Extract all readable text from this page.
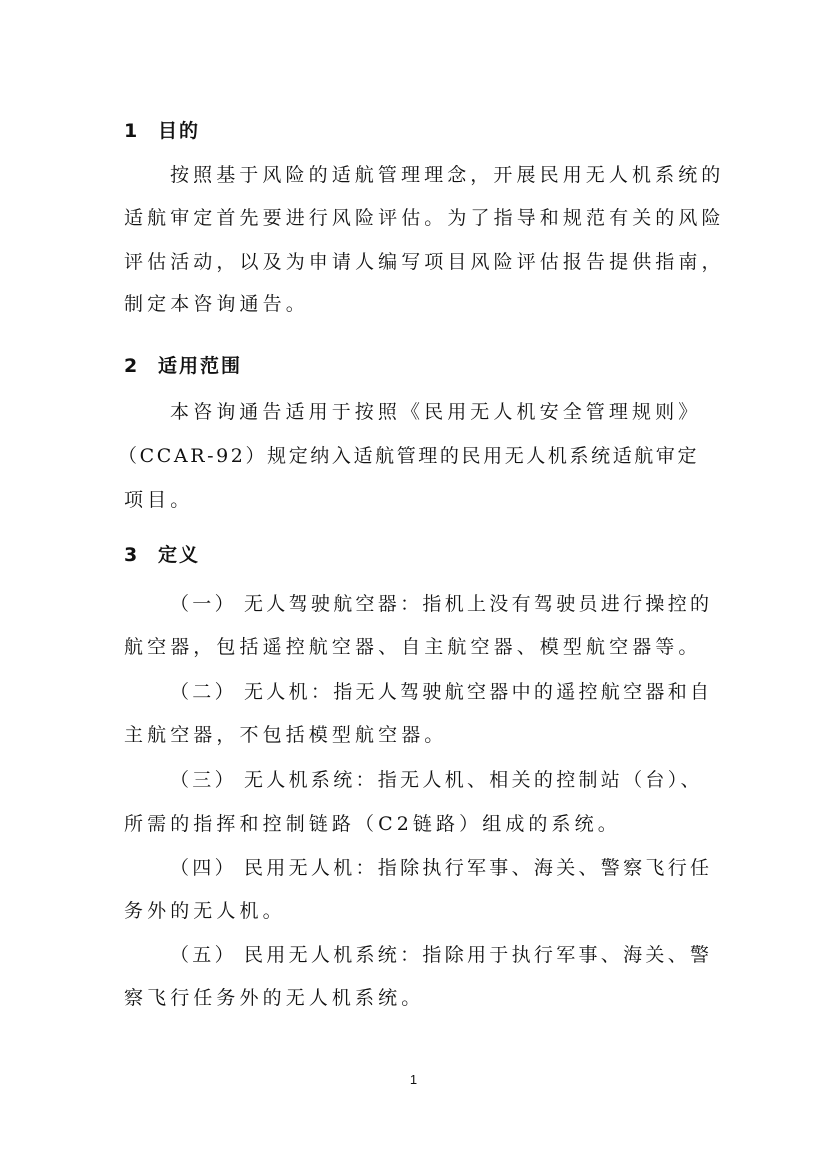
1 目的
按照基于风险的适航管理理念，开展民用无人机系统的
适航审定首先要进行风险评估。为了指导和规范有关的风险
评估活动，以及为申请人编写项目风险评估报告提供指南，
制定本咨询通告。
2 适用范围
本咨询通告适用于按照《民用无人机安全管理规则》
（CCAR-92）规定纳入适航管理的民用无人机系统适航审定
项目。
3 定义
（一） 无人驾驶航空器：指机上没有驾驶员进行操控的
航空器，包括遥控航空器、自主航空器、模型航空器等。
（二） 无人机：指无人驾驶航空器中的遥控航空器和自
主航空器，不包括模型航空器。
（三） 无人机系统：指无人机、相关的控制站（台）、
所需的指挥和控制链路（C2链路）组成的系统。
（四） 民用无人机：指除执行军事、海关、警察飞行任
务外的无人机。
（五） 民用无人机系统：指除用于执行军事、海关、警
察飞行任务外的无人机系统。
1
